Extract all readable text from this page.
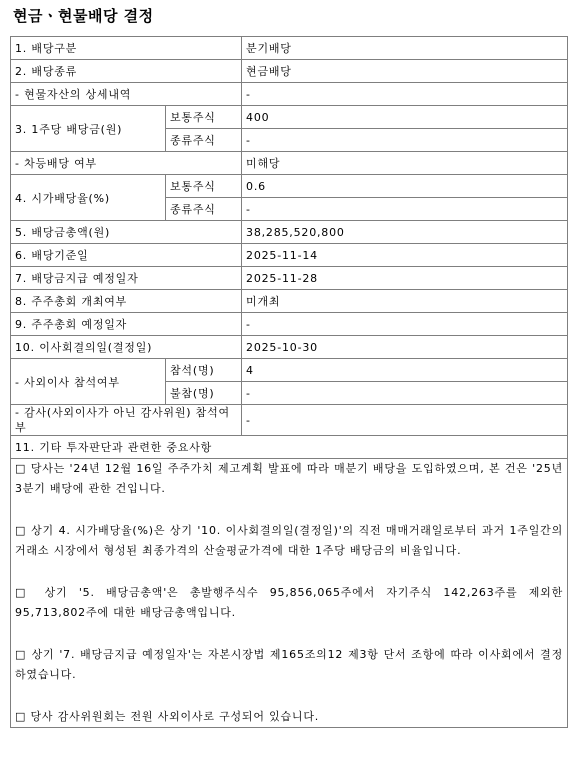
현금ㆍ현물배당 결정
1. 배당구분		분기배당
2. 배당종류		현금배당
- 현물자산의 상세내역		-
3. 1주당 배당금(원)	보통주식	400
	종류주식	-
- 차등배당 여부		미해당
4. 시가배당율(%)	보통주식	0.6
	종류주식	-
5. 배당금총액(원)		38,285,520,800
6. 배당기준일		2025-11-14
7. 배당금지급 예정일자		2025-11-28
8. 주주총회 개최여부		미개최
9. 주주총회 예정일자		-
10. 이사회결의일(결정일)		2025-10-30
- 사외이사 참석여부	참석(명)	4
	불참(명)	-
- 감사(사외이사가 아닌 감사위원) 참석여부		-
11. 기타 투자판단과 관련한 중요사항		

□ 당사는 '24년 12월 16일 주주가치 제고계획 발표에 따라 매분기 배당을 도입하였으며, 본 건은 '25년 3분기 배당에 관한 건입니다.
□ 상기 4. 시가배당율(%)은 상기 '10. 이사회결의일(결정일)'의 직전 매매거래일로부터 과거 1주일간의 거래소 시장에서 형성된 최종가격의 산술평균가격에 대한 1주당 배당금의 비율입니다.
□ 상기 '5. 배당금총액'은 총발행주식수 95,856,065주에서 자기주식 142,263주를 제외한 95,713,802주에 대한 배당금총액입니다.
□ 상기 '7. 배당금지급 예정일자'는 자본시장법 제165조의12 제3항 단서 조항에 따라 이사회에서 결정하였습니다.
□ 당사 감사위원회는 전원 사외이사로 구성되어 있습니다.		
